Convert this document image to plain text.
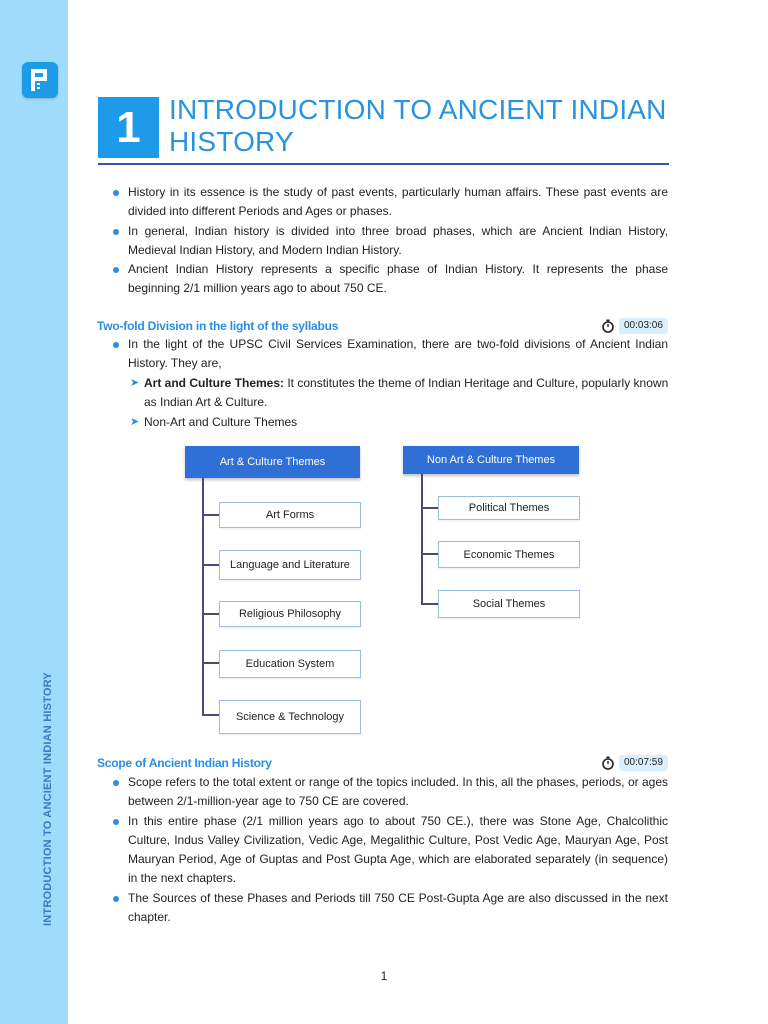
INTRODUCTION TO ANCIENT INDIAN HISTORY
1	INTRODUCTION TO ANCIENT INDIAN HISTORY
History in its essence is the study of past events, particularly human affairs. These past events are divided into different Periods and Ages or phases.
In general, Indian history is divided into three broad phases, which are Ancient Indian History, Medieval Indian History, and Modern Indian History.
Ancient Indian History represents a specific phase of Indian History. It represents the phase beginning 2/1 million years ago to about 750 CE.
Two-fold Division in the light of the syllabus	00:03:06
In the light of the UPSC Civil Services Examination, there are two-fold divisions of Ancient Indian History. They are,
➤ Art and Culture Themes: It constitutes the theme of Indian Heritage and Culture, popularly known as Indian Art & Culture.
➤ Non-Art and Culture Themes
Art & Culture Themes
Art Forms
Language and Literature
Religious Philosophy
Education System
Science & Technology
Non Art & Culture Themes
Political Themes
Economic Themes
Social Themes
Scope of Ancient Indian History	00:07:59
Scope refers to the total extent or range of the topics included. In this, all the phases, periods, or ages between 2/1-million-year age to 750 CE are covered.
In this entire phase (2/1 million years ago to about 750 CE.), there was Stone Age, Chalcolithic Culture, Indus Valley Civilization, Vedic Age, Megalithic Culture, Post Vedic Age, Mauryan Age, Post Mauryan Period, Age of Guptas and Post Gupta Age, which are elaborated separately (in sequence) in the next chapters.
The Sources of these Phases and Periods till 750 CE Post-Gupta Age are also discussed in the next chapter.
1
